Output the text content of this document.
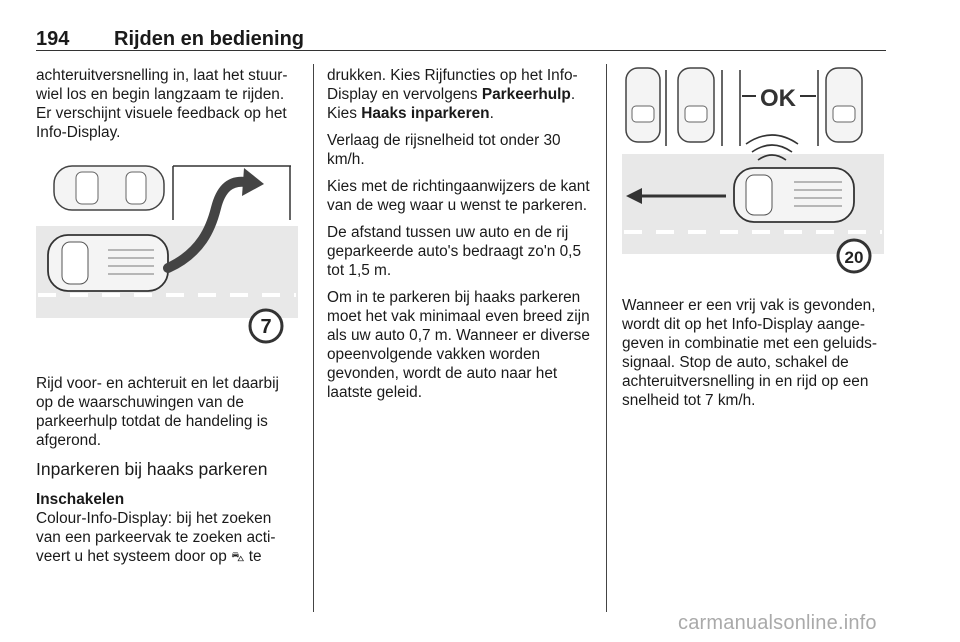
194 Rijden en bediening

achteruitversnelling in, laat het stuur-wiel los en begin langzaam te rijden. Er verschijnt visuele feedback op het Info-Display.

7

Rijd voor- en achteruit en let daarbij op de waarschuwingen van de parkeerhulp totdat de handeling is afgerond.

Inparkeren bij haaks parkeren
Inschakelen

Colour-Info-Display: bij het zoeken van een parkeervak te zoeken acti-veert u het systeem door op ⛍ te

drukken. Kies Rijfuncties op het Info-Display en vervolgens Parkeerhulp. Kies Haaks inparkeren.

Verlaag de rijsnelheid tot onder 30 km/h.

Kies met de richtingaanwijzers de kant van de weg waar u wenst te parkeren.

De afstand tussen uw auto en de rij geparkeerde auto's bedraagt zo'n 0,5 tot 1,5 m.

Om in te parkeren bij haaks parkeren moet het vak minimaal even breed zijn als uw auto 0,7 m. Wanneer er diverse opeenvolgende vakken worden gevonden, wordt de auto naar het laatste geleid.

OK
20

Wanneer er een vrij vak is gevonden, wordt dit op het Info-Display aange-geven in combinatie met een geluids-signaal. Stop de auto, schakel de achteruitversnelling in en rijd op een snelheid tot 7 km/h.

carmanualsonline.info
